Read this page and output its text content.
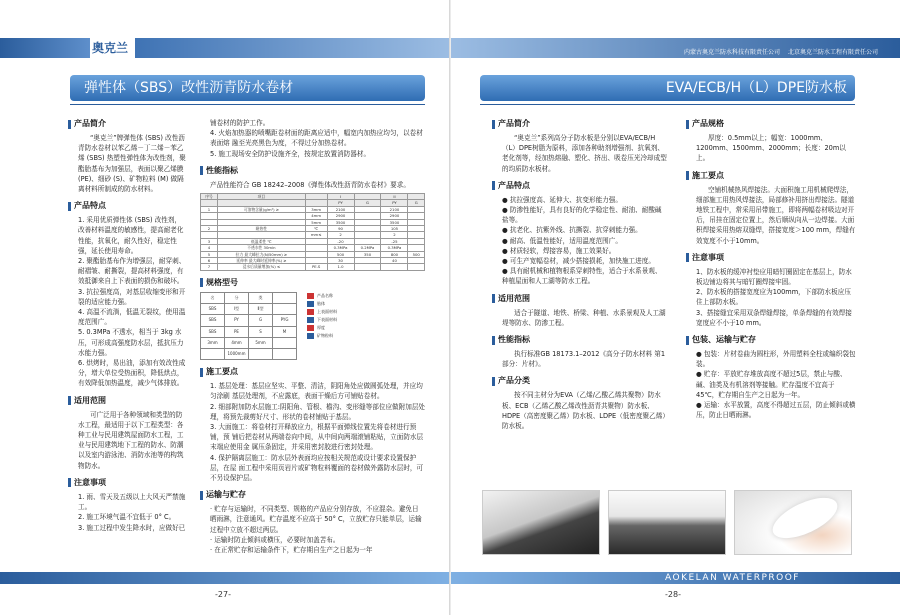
奥克兰
弹性体（SBS）改性沥青防水卷材
产品简介

“奥克兰”牌弹性体 (SBS) 改性沥青防水卷材以苯乙烯－丁二烯－苯乙烯 (SBS) 热塑性弹性体为改性剂，聚酯胎基布为加强层，表面以聚乙烯膜 (PE)、细砂 (S)、矿物粒料 (M) 做隔离材料所制成的防水材料。

产品特点

1. 采用优质弹性体 (SBS) 改性剂，改善材料温度的敏感性，提高耐老化性能，抗氧化，耐久性好，稳定性强，延长使用寿命。

2. 聚酯胎基布作为增强层，耐穿刺、耐褶皱、耐撕裂，提高材料强度，有效抵御来自上下表面的损伤和破坏。

3. 抗拉强度高，对基层收缩变形和开裂的适应能力强。

4. 高温不流淌，低温无裂纹，使用温度范围广。

5. 0.3MPa 不透水，相当于 3kg 水压，可形成高强度防水层，抵抗压力水能力强。

6. 烘烤时，易出油，添加有效改性成分，增大单位受热面积，降低烘点，有效降低加热温度，减少气体排放。

适用范围

可广泛用于各种领域和类型的防水工程，最适用于以下工程类型：各种工业与民用建筑屋面防水工程，工业与民用建筑地下工程的防水、防潮以及室内游泳池、消防水池等的构筑物防水。

注意事项

1. 雨、雪天及五级以上大风天严禁施工。

2. 施工环境气温不宜低于 0° C。

3. 施工过程中发生降水时，应做好已

铺卷材的防护工作。

4. 火焰加热器的喷嘴距卷材面的距离应适中，幅宽内加热应均匀，以卷材表面熔 融至光亮黑色为度，不得过分加热卷材。

5. 施工现场安全防护设施齐全，按规定放置消防器材。

性能指标

产品性能符合 GB 18242–2008《弹性体改性沥青防水卷材》要求。

序号	项目		I		II	
			PY	G	PY	G
1	可溶物含量(g/m²) ≥	3mm	2100		2100	
		4mm	2900		2900	
		5mm	3500		3500	
2	耐热性	℃	90		105	
		mm≤	2		2	
3	低温柔性 ℃		-20		-25	
4	不透水性 30min		0.3MPa	0.2MPa	0.3MPa	
5	拉力 最大峰拉力(N/50mm) ≥		500	350	800	500
6	延伸率 最大峰时延伸率(%) ≥		30		40	
7	浸水后质量增加(%) ≤	PE.S	1.0			
规格型号
名	分	类	
SBS	I型	Ⅱ型	
SBS	PY	G	PYG
SBS	PE	S	M
3mm	4mm	5mm	
	1000mm		
产品名称
胎体
上表面材料
下表面材料
厚度
矿物粒料
施工要点

1. 基层处理：基层应坚实、平整、清洁，阴阳角处应做圆弧处理，并应均匀涂刷 基层处理剂，不应露底，表面干燥后方可铺贴卷材。

2. 细部附加防水层施工:阴阳角、管根、檐沟、变形缝等部位应做附加层处理，将预先裁剪好尺寸、形状的卷材铺贴于基层。

3. 大面施工：将卷材打开释放应力，根据平面弹线位置先将卷材进行预铺，预 铺后把卷材从两端卷向中间，从中间向两端滚铺粘贴，立面防水层末端应使用金 属压条固定，并采用密封胶进行密封处理。

4. 保护隔离层施工：防水层外表面均应按相关规范或设计要求设置保护层，在屋 面工程中采用页岩片或矿物粒料覆面的卷材做外露防水层时，可不另设保护层。

运输与贮存

· 贮存与运输时，不同类型、规格的产品应分别存放，不应混杂。避免日晒雨淋，注意通风。贮存温度不应高于 50° C，立放贮存只能单层，运输过程中立放不超过两层。

· 运输时防止倾斜或横压，必要时加盖苫布。

· 在正常贮存和运输条件下，贮存期自生产之日起为一年

-27-
内蒙古奥克兰防水科技有限责任公司 北京奥克兰防水工程有限责任公司
EVA/ECB/H（L）DPE防水板
产品简介

“奥克兰”系列高分子防水板是分别以EVA/ECB/H（L）DPE树脂为原料，添加各种助剂增强剂、抗氧剂、老化剂等，经加热熔融、塑化、挤出、吸卷压光冷却成型的均质防水板材。

产品特点

● 抗拉强度高、延伸大、抗变形能力强。

● 防渗性能好，具有良好的化学稳定性、耐油、耐酸碱盐等。

● 抗老化、抗紫外线、抗撕裂、抗穿刺能力强。

● 耐高、低温性能好，适用温度范围广。

● 材质轻软，焊接容易，施工效果好。

● 可生产宽幅卷材，减少搭接损耗，加快施工进度。

● 具有耐机械和植物根系穿刺特性，适合于水系景观、种植屋面和人工湖等防水工程。

适用范围

适合于隧道、地铁、桥梁、种植、水系景观及人工湖堤等防水、防渗工程。

性能指标

执行标准GB 18173.1–2012《高分子防水材料 第1部分：片材》。

产品分类

按不同主材分为EVA（乙烯/乙酸乙烯共聚物）防水板、ECB（乙烯乙酸乙烯改性沥青共聚物）防水板、HDPE（高密度聚乙烯）防水板、LDPE（低密度聚乙烯）防水板。

产品规格

厚度：0.5mm以上；幅宽：1000mm、1200mm、1500mm、2000mm；长度：20m以上。

施工要点

空铺机械热风焊接法。大面积施工用机械爬焊法，细部施工用热风焊接法，局部修补用挤出焊接法。隧道地铁工程中，常采用吊带施工，即将两幅卷材吸边对开后，吊挂在固定位置上，然后顺纵向从一边焊接。大面积焊接采用热熔双缝焊，搭接宽度＞100 mm，焊缝有效宽度不小于10mm。

注意事项

1、防水板的缓冲衬垫应用暗钉圈固定在基层上，防水板边铺边将其与暗钉圈焊接牢固。

2、防水板的搭接宽度应为100mm，下部防水板应压住上部防水板。

3、搭接缝宜采用双条焊缝焊接，单条焊缝的有效焊接宽度应不小于10 mm。

包装、运输与贮存

● 包装：片材卷曲为圆柱形，外用塑料全柱或编织袋包装。

● 贮存：平放贮存堆放高度不超过5层，禁止与酸、碱、油类及有机溶剂等接触。贮存温度不宜高于45℃，贮存期自生产之日起为一年。

● 运输：水平放置，高度不得超过五层，防止倾斜或横压，防止日晒雨淋。

AOKELAN WATERPROOF
-28-
